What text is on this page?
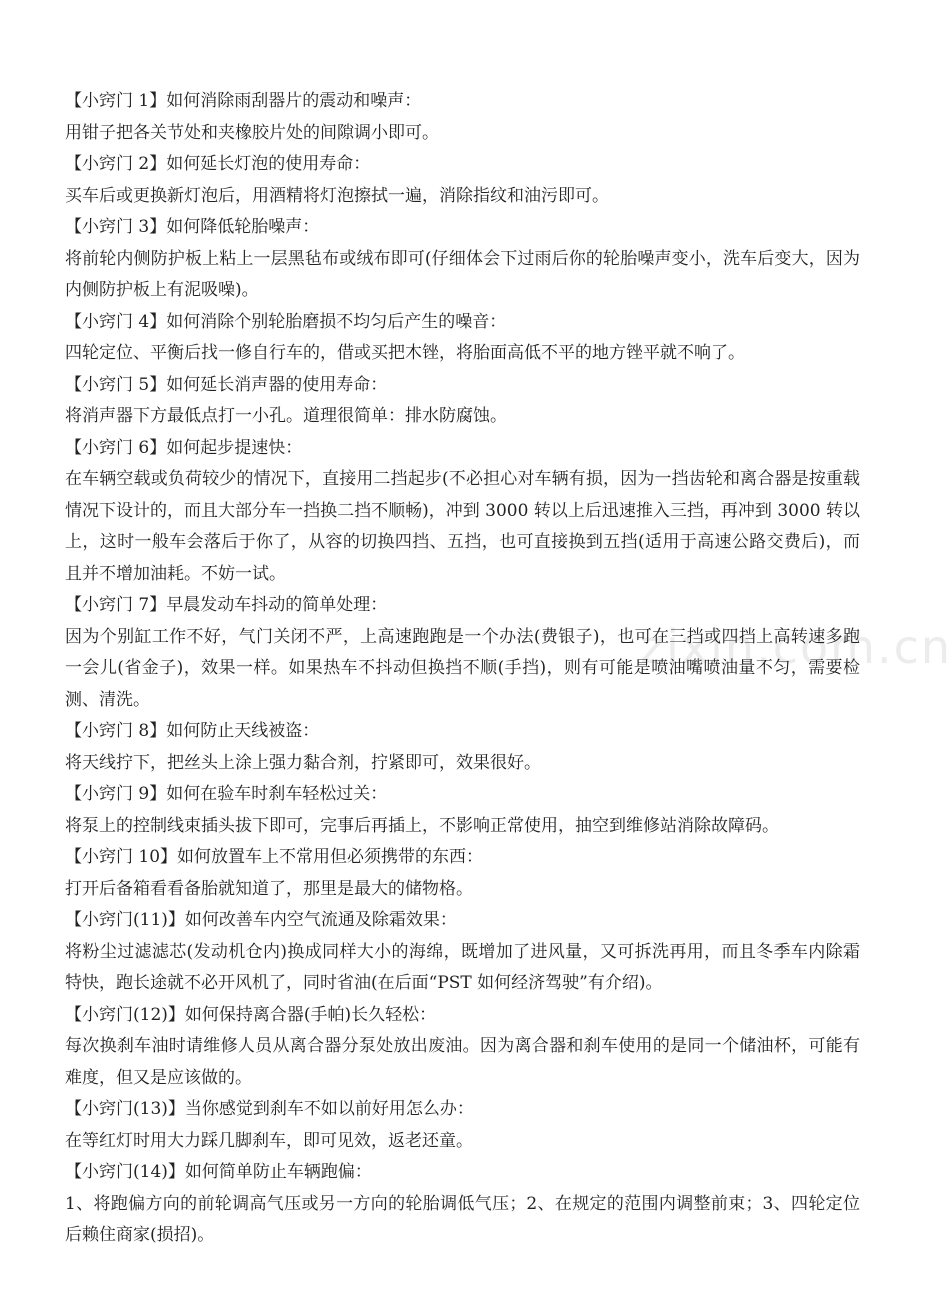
zixin.com.cn

【小窍门 1】如何消除雨刮器片的震动和噪声：

用钳子把各关节处和夹橡胶片处的间隙调小即可。

【小窍门 2】如何延长灯泡的使用寿命：

买车后或更换新灯泡后，用酒精将灯泡擦拭一遍，消除指纹和油污即可。

【小窍门 3】如何降低轮胎噪声：

将前轮内侧防护板上粘上一层黑毡布或绒布即可(仔细体会下过雨后你的轮胎噪声变小，洗车后变大，因为内侧防护板上有泥吸噪)。

【小窍门 4】如何消除个别轮胎磨损不均匀后产生的噪音：

四轮定位、平衡后找一修自行车的，借或买把木锉，将胎面高低不平的地方锉平就不响了。

【小窍门 5】如何延长消声器的使用寿命：

将消声器下方最低点打一小孔。道理很简单：排水防腐蚀。

【小窍门 6】如何起步提速快：

在车辆空载或负荷较少的情况下，直接用二挡起步(不必担心对车辆有损，因为一挡齿轮和离合器是按重载情况下设计的，而且大部分车一挡换二挡不顺畅)，冲到 3000 转以上后迅速推入三挡，再冲到 3000 转以上，这时一般车会落后于你了，从容的切换四挡、五挡，也可直接换到五挡(适用于高速公路交费后)，而且并不增加油耗。不妨一试。

【小窍门 7】早晨发动车抖动的简单处理：

因为个别缸工作不好，气门关闭不严，上高速跑跑是一个办法(费银子)，也可在三挡或四挡上高转速多跑一会儿(省金子)，效果一样。如果热车不抖动但换挡不顺(手挡)，则有可能是喷油嘴喷油量不匀，需要检测、清洗。

【小窍门 8】如何防止天线被盗：

将天线拧下，把丝头上涂上强力黏合剂，拧紧即可，效果很好。

【小窍门 9】如何在验车时刹车轻松过关：

将泵上的控制线束插头拔下即可，完事后再插上，不影响正常使用，抽空到维修站消除故障码。

【小窍门 10】如何放置车上不常用但必须携带的东西：

打开后备箱看看备胎就知道了，那里是最大的储物格。

【小窍门(11)】如何改善车内空气流通及除霜效果：

将粉尘过滤滤芯(发动机仓内)换成同样大小的海绵，既增加了进风量，又可拆洗再用，而且冬季车内除霜特快，跑长途就不必开风机了，同时省油(在后面“PST 如何经济驾驶”有介绍)。

【小窍门(12)】如何保持离合器(手帕)长久轻松：

每次换刹车油时请维修人员从离合器分泵处放出废油。因为离合器和刹车使用的是同一个储油杯，可能有难度，但又是应该做的。

【小窍门(13)】当你感觉到刹车不如以前好用怎么办：

在等红灯时用大力踩几脚刹车，即可见效，返老还童。

【小窍门(14)】如何简单防止车辆跑偏：

1、将跑偏方向的前轮调高气压或另一方向的轮胎调低气压；2、在规定的范围内调整前束；3、四轮定位后赖住商家(损招)。
